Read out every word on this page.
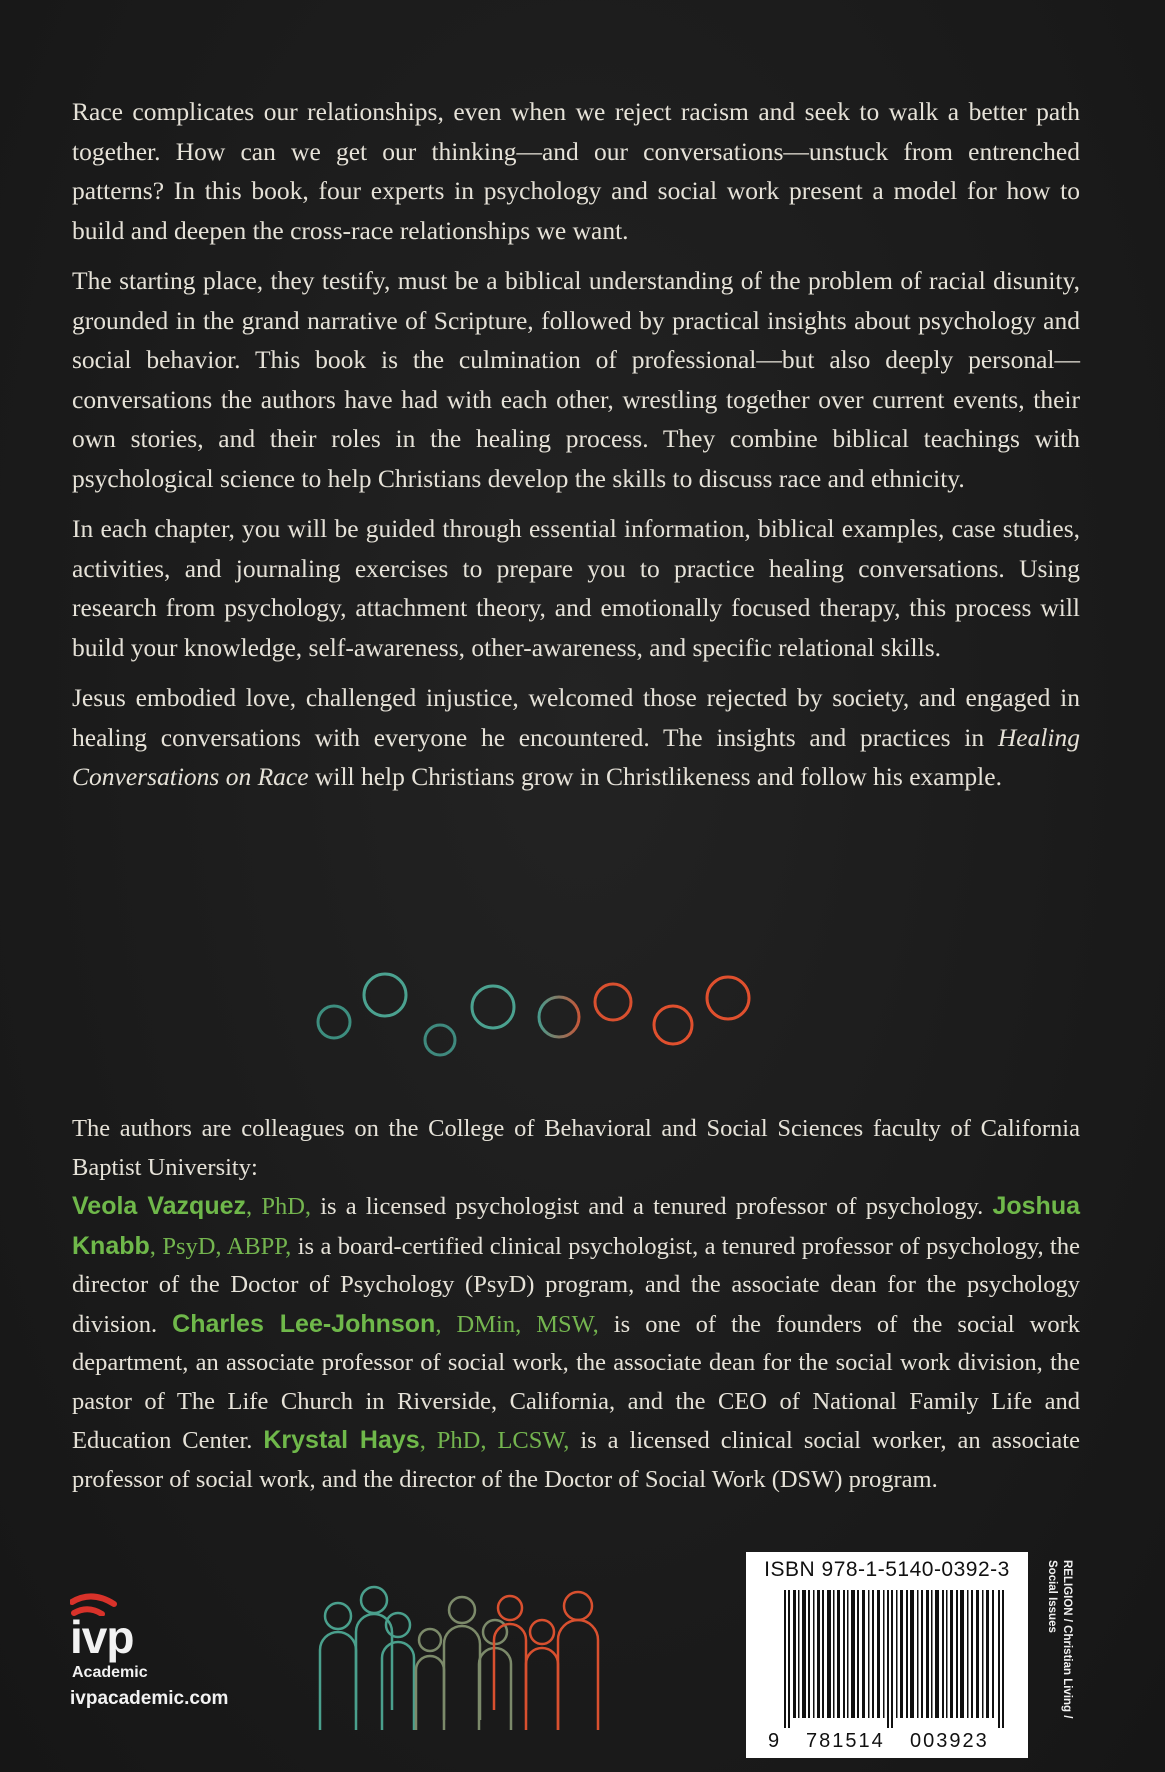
Race complicates our relationships, even when we reject racism and seek to walk a better path together. How can we get our thinking—and our conversations—unstuck from entrenched patterns? In this book, four experts in psychology and social work present a model for how to build and deepen the cross-race relationships we want.

The starting place, they testify, must be a biblical understanding of the problem of racial disunity, grounded in the grand narrative of Scripture, followed by practical insights about psychology and social behavior. This book is the culmination of professional—but also deeply personal—conversations the authors have had with each other, wrestling together over current events, their own stories, and their roles in the healing process. They combine biblical teachings with psychological science to help Christians develop the skills to discuss race and ethnicity.

In each chapter, you will be guided through essential information, biblical examples, case studies, activities, and journaling exercises to prepare you to practice healing conversations. Using research from psychology, attachment theory, and emotionally focused therapy, this process will build your knowledge, self-awareness, other-awareness, and specific relational skills.

Jesus embodied love, challenged injustice, welcomed those rejected by society, and engaged in healing conversations with everyone he encountered. The insights and practices in Healing Conversations on Race will help Christians grow in Christlikeness and follow his example.

The authors are colleagues on the College of Behavioral and Social Sciences faculty of California Baptist University:

Veola Vazquez, PhD, is a licensed psychologist and a tenured professor of psychology. Joshua Knabb, PsyD, ABPP, is a board-certified clinical psychologist, a tenured professor of psychology, the director of the Doctor of Psychology (PsyD) program, and the associate dean for the psychology division. Charles Lee-Johnson, DMin, MSW, is one of the founders of the social work department, an associate professor of social work, the associate dean for the social work division, the pastor of The Life Church in Riverside, California, and the CEO of National Family Life and Education Center. Krystal Hays, PhD, LCSW, is a licensed clinical social worker, an associate professor of social work, and the director of the Doctor of Social Work (DSW) program.

ivp
Academic
ivpacademic.com
ISBN 978-1-5140-0392-3
9 781514 003923
RELIGION / Christian Living /
Social Issues
